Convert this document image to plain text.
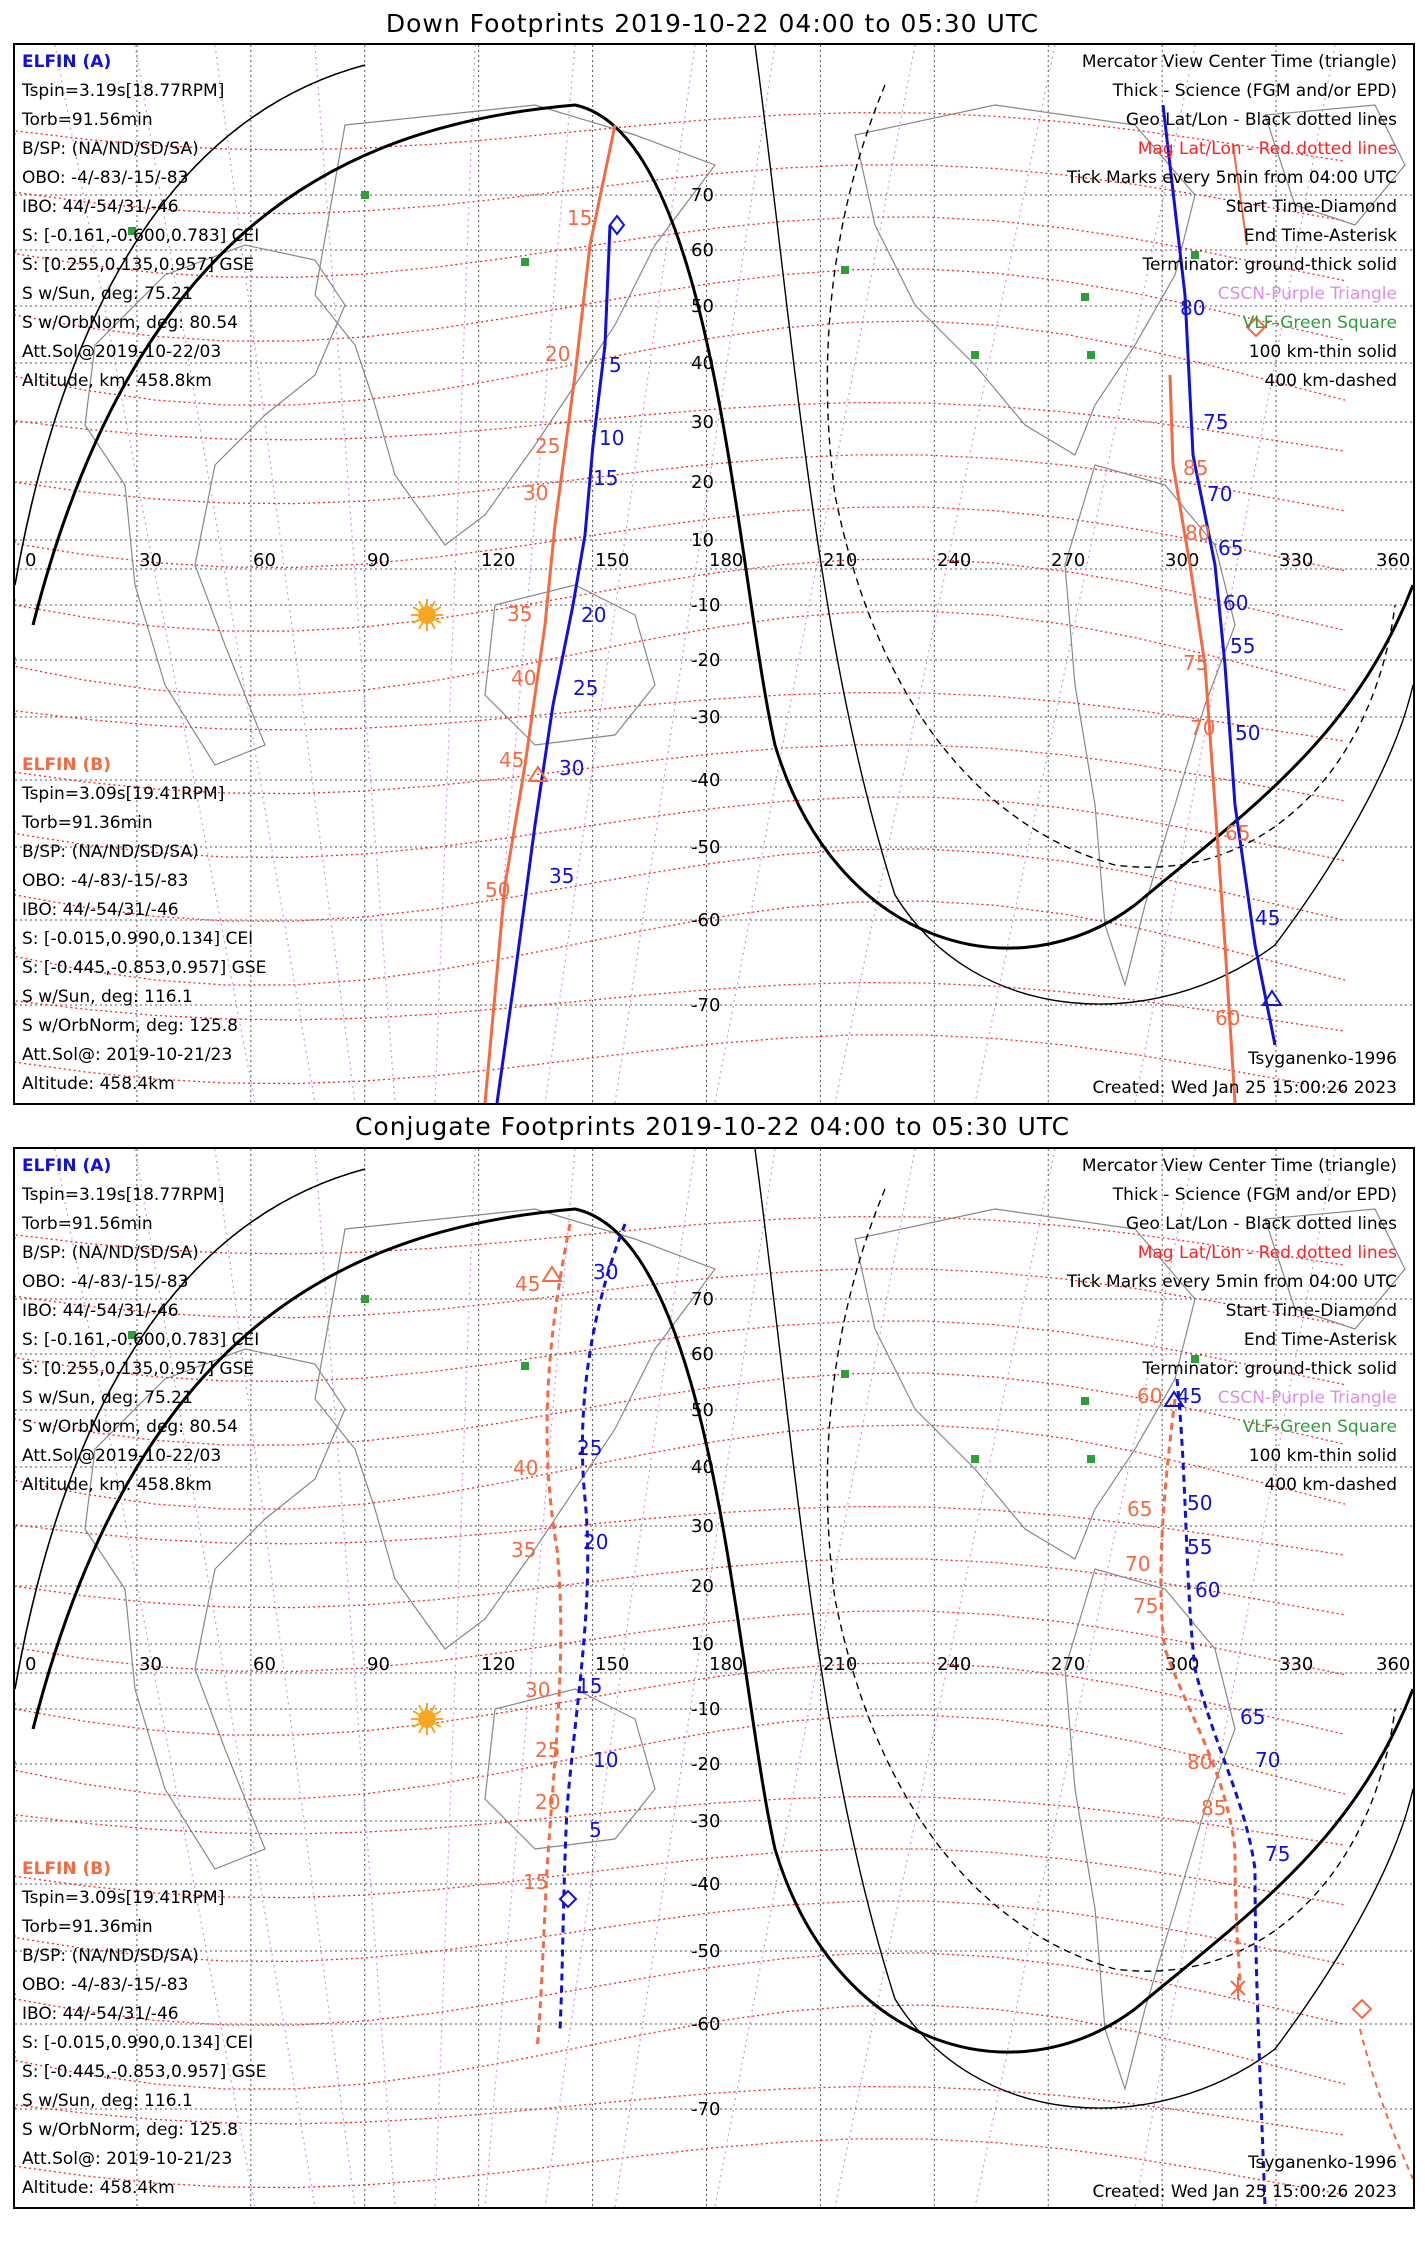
Down Footprints 2019-10-22 04:00 to 05:30 UTC
0	30	60	90	120	150	180	210	240	270	300	330	360
70
60
50
40
30
20
10
-10
-20
-30
-40
-50
-60
-70
5
10
15
20
25
30
35
45
50
55
60
65
70
75
80
15
20
25
30
35
40
45
50
60
65
70
75
80
85
ELFIN (A)
Tspin=3.19s[18.77RPM]
Torb=91.56min
B/SP: (NA/ND/SD/SA)
OBO: -4/-83/-15/-83
IBO: 44/-54/31/-46
S: [-0.161,-0.600,0.783] CEI
S: [0.255,0.135,0.957] GSE
S w/Sun, deg: 75.21
S w/OrbNorm, deg: 80.54
Att.Sol@2019-10-22/03
Altitude, km: 458.8km
ELFIN (B)
Tspin=3.09s[19.41RPM]
Torb=91.36min
B/SP: (NA/ND/SD/SA)
OBO: -4/-83/-15/-83
IBO: 44/-54/31/-46
S: [-0.015,0.990,0.134] CEI
S: [-0.445,-0.853,0.957] GSE
S w/Sun, deg: 116.1
S w/OrbNorm, deg: 125.8
Att.Sol@: 2019-10-21/23
Altitude: 458.4km
Mercator View Center Time (triangle)
Thick - Science (FGM and/or EPD)
Geo Lat/Lon - Black dotted lines
Mag Lat/Lon - Red dotted lines
Tick Marks every 5min from 04:00 UTC
Start Time-Diamond
End Time-Asterisk
Terminator: ground-thick solid
CSCN-Purple Triangle
VLF-Green Square
100 km-thin solid
400 km-dashed
Tsyganenko-1996
Created: Wed Jan 25 15:00:26 2023
Conjugate Footprints 2019-10-22 04:00 to 05:30 UTC
0	30	60	90	120	150	180	210	240	270	300	330	360
70
60
50
40
30
20
10
-10
-20
-30
-40
-50
-60
-70
5
10
15
20
25
30
45
50
55
60
65
70
75
15
20
25
30
35
40
45
60
65
70
75
80
85
ELFIN (A)
Tspin=3.19s[18.77RPM]
Torb=91.56min
B/SP: (NA/ND/SD/SA)
OBO: -4/-83/-15/-83
IBO: 44/-54/31/-46
S: [-0.161,-0.600,0.783] CEI
S: [0.255,0.135,0.957] GSE
S w/Sun, deg: 75.21
S w/OrbNorm, deg: 80.54
Att.Sol@2019-10-22/03
Altitude, km: 458.8km
ELFIN (B)
Tspin=3.09s[19.41RPM]
Torb=91.36min
B/SP: (NA/ND/SD/SA)
OBO: -4/-83/-15/-83
IBO: 44/-54/31/-46
S: [-0.015,0.990,0.134] CEI
S: [-0.445,-0.853,0.957] GSE
S w/Sun, deg: 116.1
S w/OrbNorm, deg: 125.8
Att.Sol@: 2019-10-21/23
Altitude: 458.4km
Mercator View Center Time (triangle)
Thick - Science (FGM and/or EPD)
Geo Lat/Lon - Black dotted lines
Mag Lat/Lon - Red dotted lines
Tick Marks every 5min from 04:00 UTC
Start Time-Diamond
End Time-Asterisk
Terminator: ground-thick solid
CSCN-Purple Triangle
VLF-Green Square
100 km-thin solid
400 km-dashed
Tsyganenko-1996
Created: Wed Jan 25 15:00:26 2023
